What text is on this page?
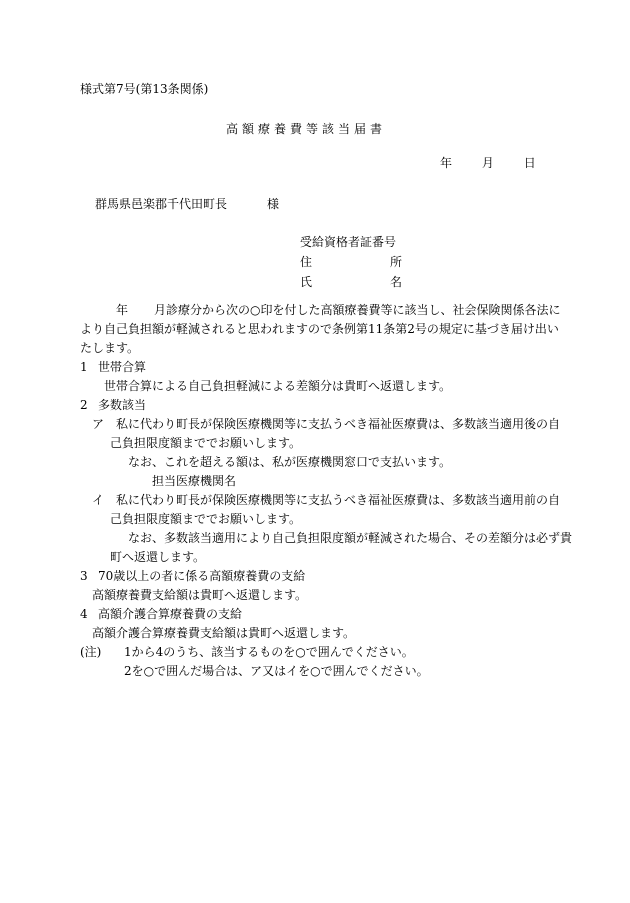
様式第7号(第13条関係)
高額療養費等該当届書
年 月 日
群馬県邑楽郡千代田町長	様
受給資格者証番号
住	所
氏	名

年 月診療分から次の○印を付した高額療養費等に該当し、社会保険関係各法に

より自己負担額が軽減されると思われますので条例第11条第2号の規定に基づき届け出い

たします。

1 世帯合算

世帯合算による自己負担軽減による差額分は貴町へ返還します。

2 多数該当

ア 私に代わり町長が保険医療機関等に支払うべき福祉医療費は、多数該当適用後の自

己負担限度額まででお願いします。

なお、これを超える額は、私が医療機関窓口で支払います。

担当医療機関名

イ 私に代わり町長が保険医療機関等に支払うべき福祉医療費は、多数該当適用前の自

己負担限度額まででお願いします。

なお、多数該当適用により自己負担限度額が軽減された場合、その差額分は必ず貴

町へ返還します。

3 70歳以上の者に係る高額療養費の支給

高額療養費支給額は貴町へ返還します。

4 高額介護合算療養費の支給

高額介護合算療養費支給額は貴町へ返還します。

(注) 1から4のうち、該当するものを○で囲んでください。

2を○で囲んだ場合は、ア又はイを○で囲んでください。
